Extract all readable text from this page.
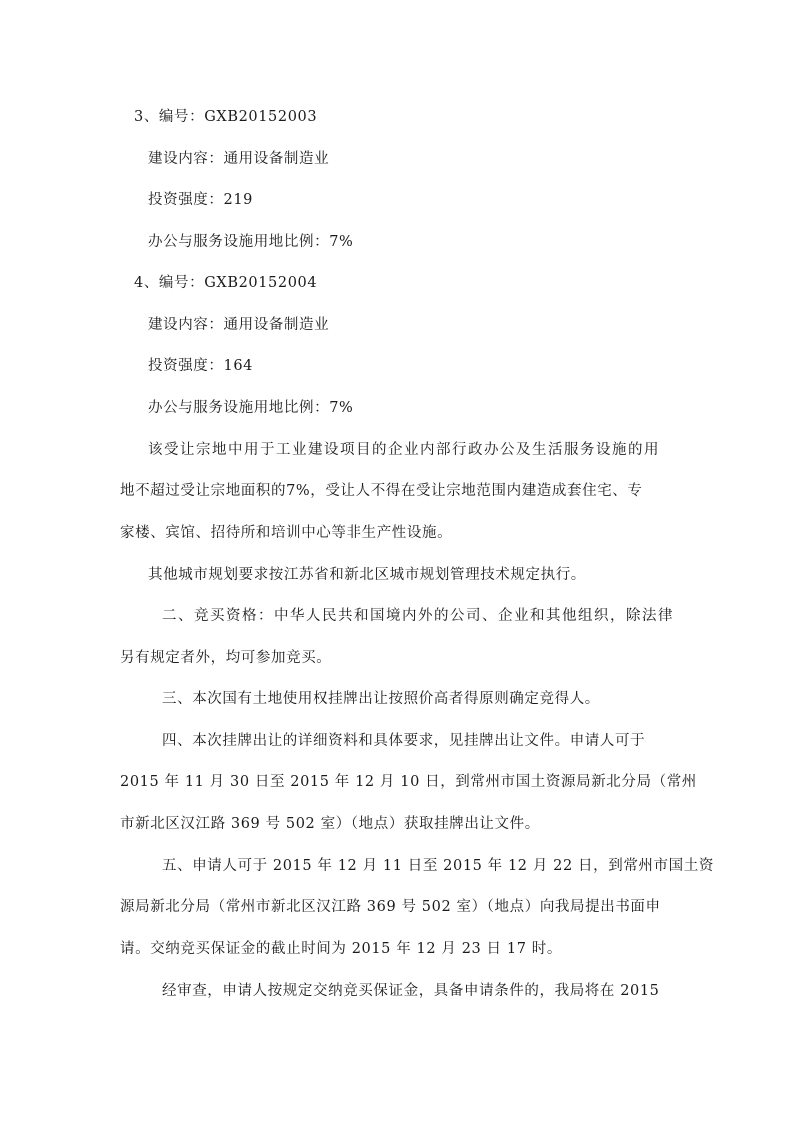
3、编号：GXB20152003
建设内容：通用设备制造业
投资强度：219
办公与服务设施用地比例：7%
4、编号：GXB20152004
建设内容：通用设备制造业
投资强度：164
办公与服务设施用地比例：7%
该受让宗地中用于工业建设项目的企业内部行政办公及生活服务设施的用
地不超过受让宗地面积的7%，受让人不得在受让宗地范围内建造成套住宅、专
家楼、宾馆、招待所和培训中心等非生产性设施。
其他城市规划要求按江苏省和新北区城市规划管理技术规定执行。
二、竞买资格：中华人民共和国境内外的公司、企业和其他组织，除法律
另有规定者外，均可参加竞买。
三、本次国有土地使用权挂牌出让按照价高者得原则确定竞得人。
四、本次挂牌出让的详细资料和具体要求，见挂牌出让文件。申请人可于
2015 年 11 月 30 日至 2015 年 12 月 10 日，到常州市国土资源局新北分局（常州
市新北区汉江路 369 号 502 室）（地点）获取挂牌出让文件。
五、申请人可于 2015 年 12 月 11 日至 2015 年 12 月 22 日，到常州市国土资
源局新北分局（常州市新北区汉江路 369 号 502 室）（地点）向我局提出书面申
请。交纳竞买保证金的截止时间为 2015 年 12 月 23 日 17 时。
经审查，申请人按规定交纳竞买保证金，具备申请条件的，我局将在 2015
